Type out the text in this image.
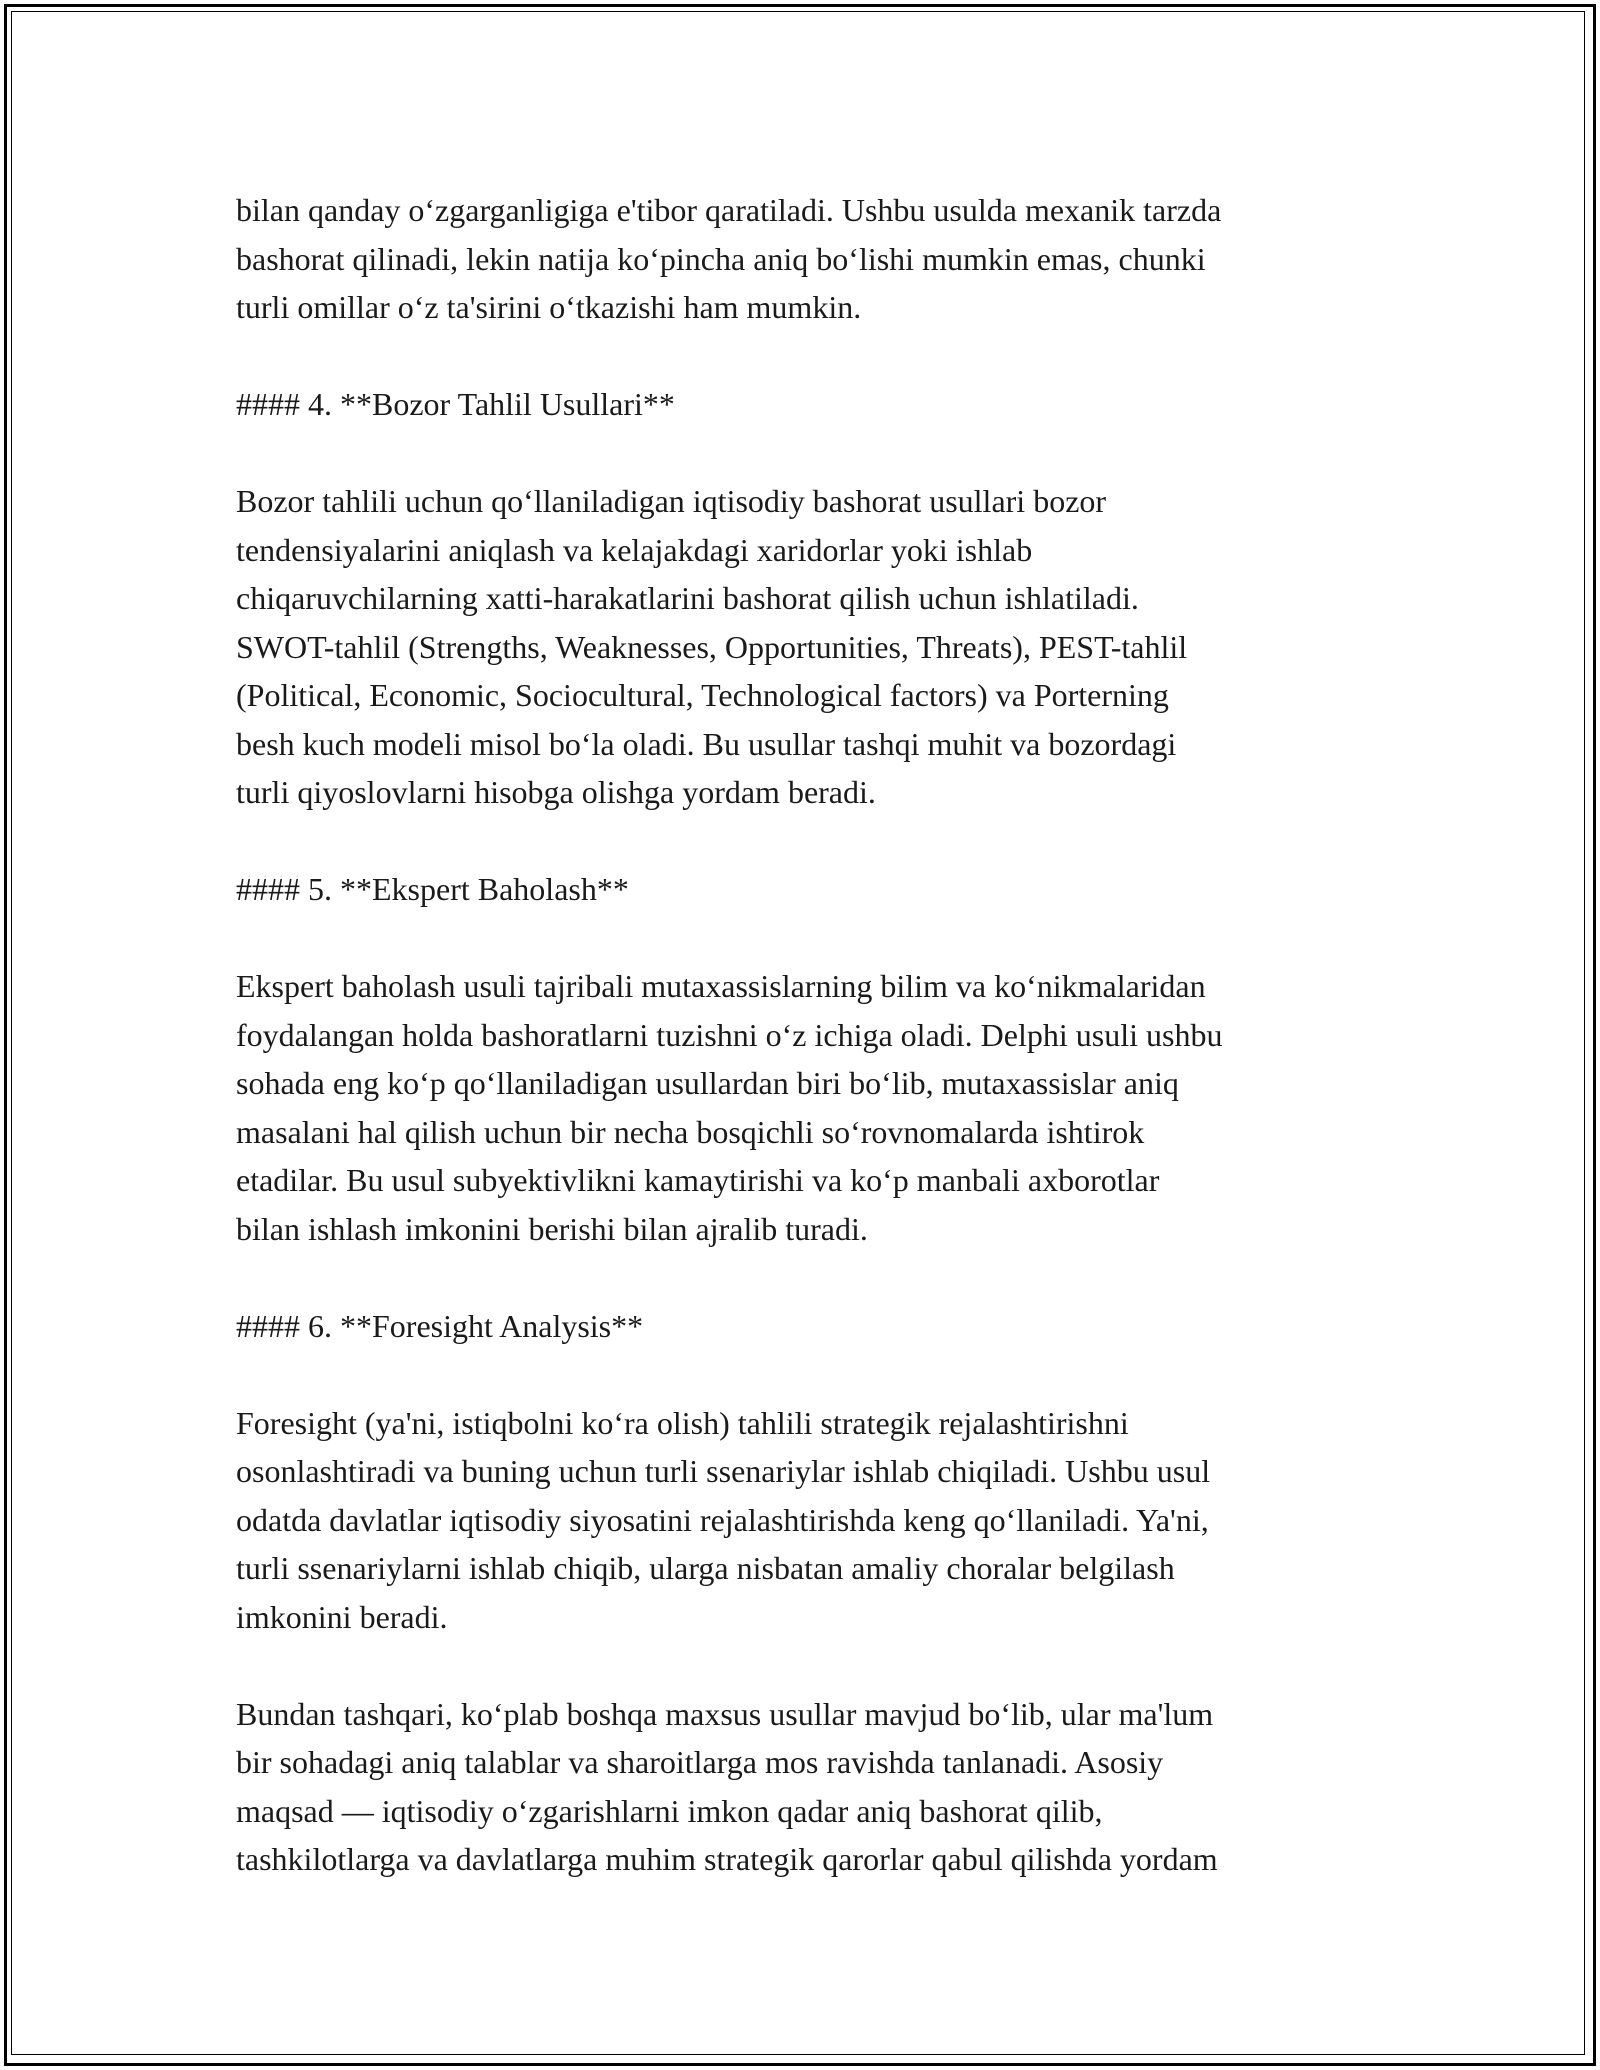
bilan qanday o‘zgarganligiga e'tibor qaratiladi. Ushbu usulda mexanik tarzda
bashorat qilinadi, lekin natija ko‘pincha aniq bo‘lishi mumkin emas, chunki
turli omillar o‘z ta'sirini o‘tkazishi ham mumkin.
#### 4. **Bozor Tahlil Usullari**
Bozor tahlili uchun qo‘llaniladigan iqtisodiy bashorat usullari bozor
tendensiyalarini aniqlash va kelajakdagi xaridorlar yoki ishlab
chiqaruvchilarning xatti-harakatlarini bashorat qilish uchun ishlatiladi.
SWOT-tahlil (Strengths, Weaknesses, Opportunities, Threats), PEST-tahlil
(Political, Economic, Sociocultural, Technological factors) va Porterning
besh kuch modeli misol bo‘la oladi. Bu usullar tashqi muhit va bozordagi
turli qiyoslovlarni hisobga olishga yordam beradi.
#### 5. **Ekspert Baholash**
Ekspert baholash usuli tajribali mutaxassislarning bilim va ko‘nikmalaridan
foydalangan holda bashoratlarni tuzishni o‘z ichiga oladi. Delphi usuli ushbu
sohada eng ko‘p qo‘llaniladigan usullardan biri bo‘lib, mutaxassislar aniq
masalani hal qilish uchun bir necha bosqichli so‘rovnomalarda ishtirok
etadilar. Bu usul subyektivlikni kamaytirishi va ko‘p manbali axborotlar
bilan ishlash imkonini berishi bilan ajralib turadi.
#### 6. **Foresight Analysis**
Foresight (ya'ni, istiqbolni ko‘ra olish) tahlili strategik rejalashtirishni
osonlashtiradi va buning uchun turli ssenariylar ishlab chiqiladi. Ushbu usul
odatda davlatlar iqtisodiy siyosatini rejalashtirishda keng qo‘llaniladi. Ya'ni,
turli ssenariylarni ishlab chiqib, ularga nisbatan amaliy choralar belgilash
imkonini beradi.
Bundan tashqari, ko‘plab boshqa maxsus usullar mavjud bo‘lib, ular ma'lum
bir sohadagi aniq talablar va sharoitlarga mos ravishda tanlanadi. Asosiy
maqsad — iqtisodiy o‘zgarishlarni imkon qadar aniq bashorat qilib,
tashkilotlarga va davlatlarga muhim strategik qarorlar qabul qilishda yordam
